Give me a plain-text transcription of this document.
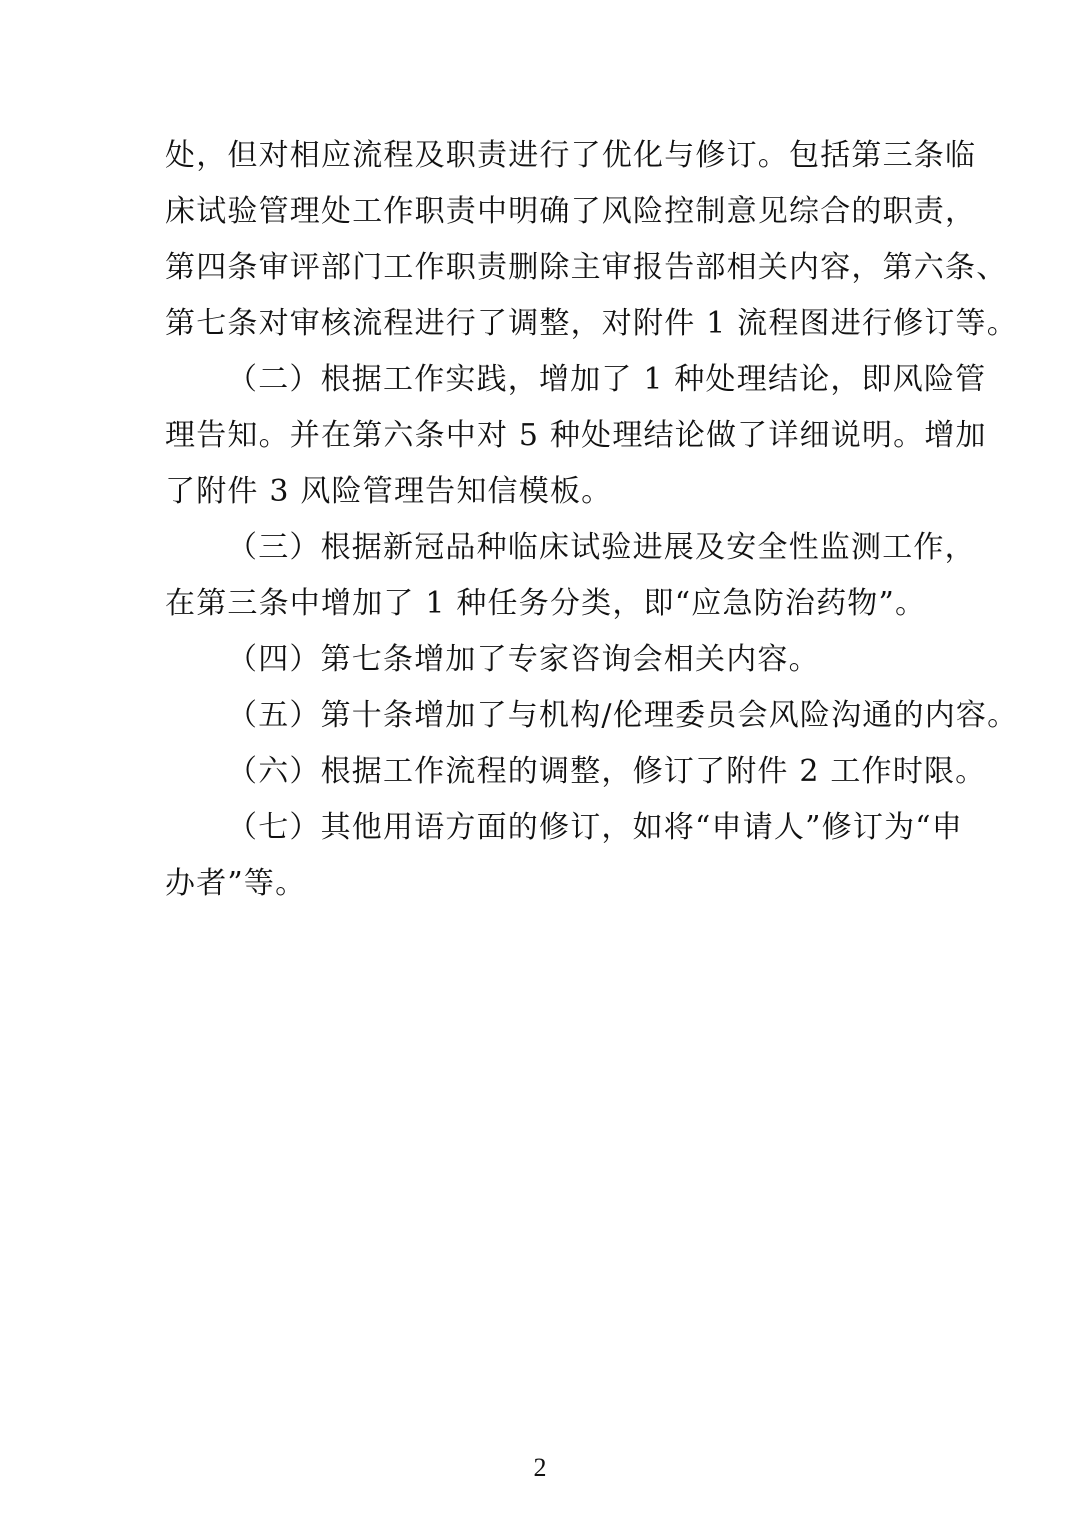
处，但对相应流程及职责进行了优化与修订。包括第三条临
床试验管理处工作职责中明确了风险控制意见综合的职责，
第四条审评部门工作职责删除主审报告部相关内容，第六条、
第七条对审核流程进行了调整，对附件 1 流程图进行修订等。
（二）根据工作实践，增加了 1 种处理结论，即风险管
理告知。并在第六条中对 5 种处理结论做了详细说明。增加
了附件 3 风险管理告知信模板。
（三）根据新冠品种临床试验进展及安全性监测工作，
在第三条中增加了 1 种任务分类，即“应急防治药物”。
（四）第七条增加了专家咨询会相关内容。
（五）第十条增加了与机构/伦理委员会风险沟通的内容。
（六）根据工作流程的调整，修订了附件 2 工作时限。
（七）其他用语方面的修订，如将“申请人”修订为“申
办者”等。
2
